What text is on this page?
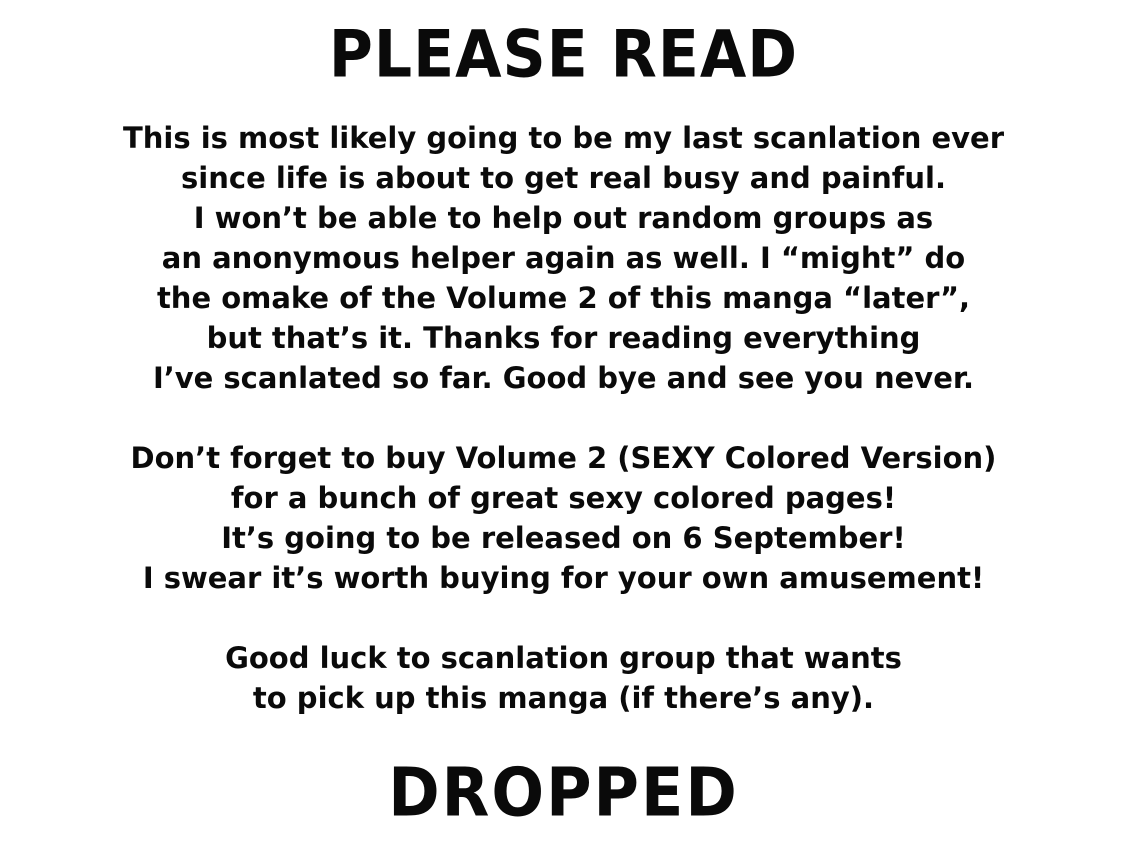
PLEASE READ
This is most likely going to be my last scanlation ever
since life is about to get real busy and painful.
I won’t be able to help out random groups as
an anonymous helper again as well. I “might” do
the omake of the Volume 2 of this manga “later”,
but that’s it. Thanks for reading everything
I’ve scanlated so far. Good bye and see you never.
Don’t forget to buy Volume 2 (SEXY Colored Version)
for a bunch of great sexy colored pages!
It’s going to be released on 6 September!
I swear it’s worth buying for your own amusement!
Good luck to scanlation group that wants
to pick up this manga (if there’s any).
DROPPED
